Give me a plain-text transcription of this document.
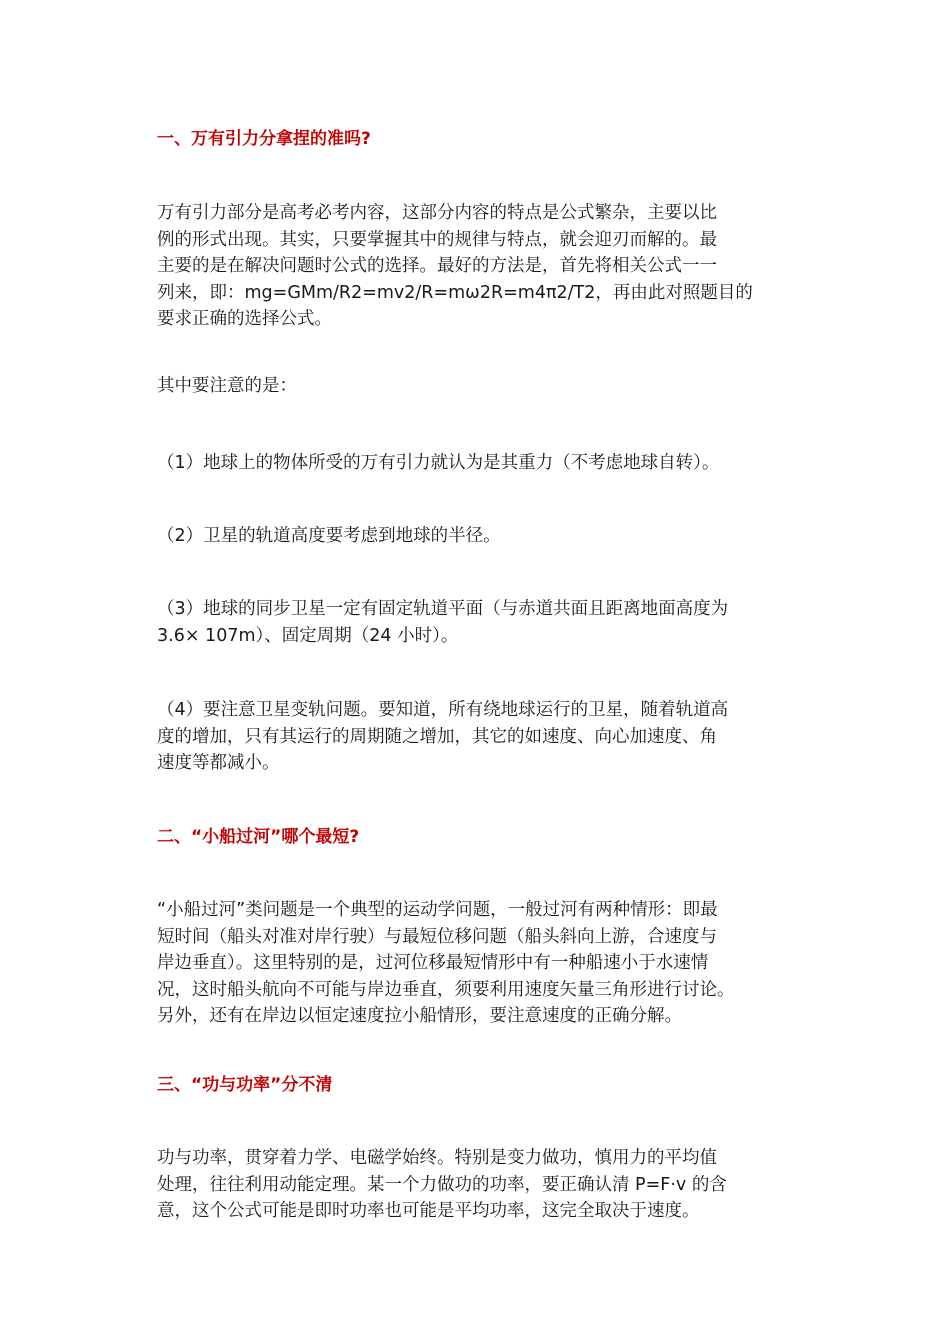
一、万有引力分拿捏的准吗?
万有引力部分是高考必考内容，这部分内容的特点是公式繁杂，主要以比
例的形式出现。其实，只要掌握其中的规律与特点，就会迎刃而解的。最
主要的是在解决问题时公式的选择。最好的方法是，首先将相关公式一一
列来，即：mg=GMm/R2=mv2/R=mω2R=m4π2/T2，再由此对照题目的
要求正确的选择公式。
其中要注意的是：
（1）地球上的物体所受的万有引力就认为是其重力（不考虑地球自转）。
（2）卫星的轨道高度要考虑到地球的半径。
（3）地球的同步卫星一定有固定轨道平面（与赤道共面且距离地面高度为
3.6× 107m）、固定周期（24 小时）。
（4）要注意卫星变轨问题。要知道，所有绕地球运行的卫星，随着轨道高
度的增加，只有其运行的周期随之增加，其它的如速度、向心加速度、角
速度等都减小。
二、“小船过河”哪个最短?
“小船过河”类问题是一个典型的运动学问题，一般过河有两种情形：即最
短时间（船头对准对岸行驶）与最短位移问题（船头斜向上游，合速度与
岸边垂直）。这里特别的是，过河位移最短情形中有一种船速小于水速情
况，这时船头航向不可能与岸边垂直，须要利用速度矢量三角形进行讨论。
另外，还有在岸边以恒定速度拉小船情形，要注意速度的正确分解。
三、“功与功率”分不清
功与功率，贯穿着力学、电磁学始终。特别是变力做功，慎用力的平均值
处理，往往利用动能定理。某一个力做功的功率，要正确认清 P=F·v 的含
意，这个公式可能是即时功率也可能是平均功率，这完全取决于速度。
